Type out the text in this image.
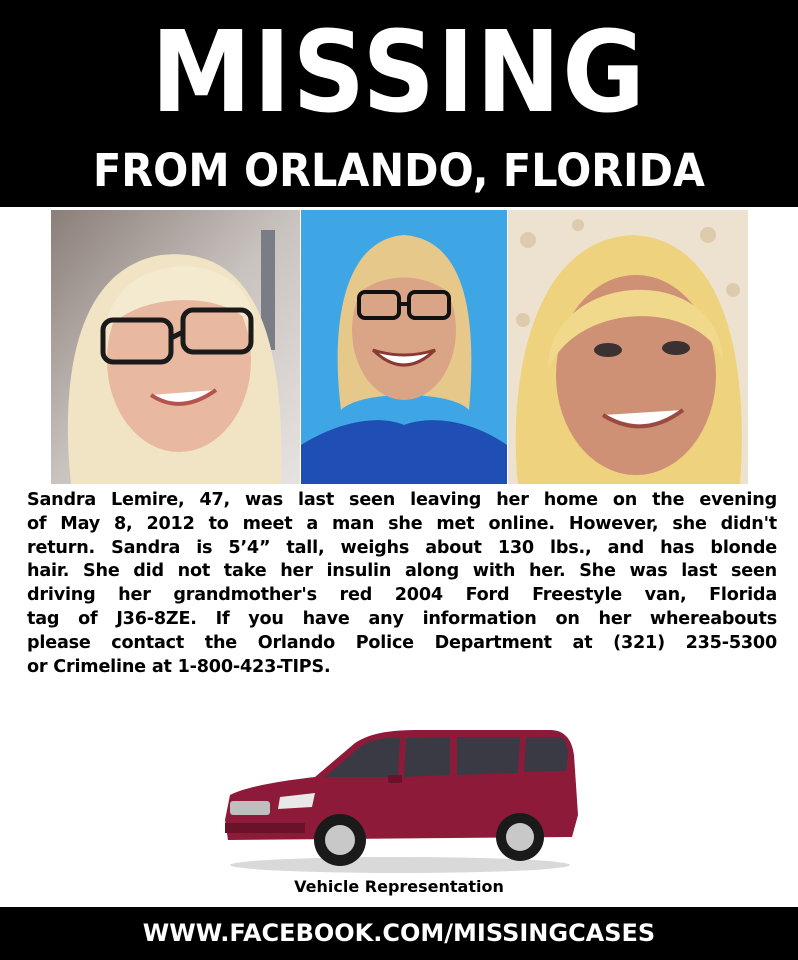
MISSING
FROM ORLANDO, FLORIDA
Sandra Lemire, 47, was last seen leaving her home on the evening
of May 8, 2012 to meet a man she met online. However, she didn't
return. Sandra is 5’4” tall, weighs about 130 lbs., and has blonde
hair. She did not take her insulin along with her. She was last seen
driving her grandmother's red 2004 Ford Freestyle van, Florida
tag of J36-8ZE. If you have any information on her whereabouts
please contact the Orlando Police Department at (321) 235-5300
or Crimeline at 1-800-423-TIPS.
Vehicle Representation
WWW.FACEBOOK.COM/MISSINGCASES
